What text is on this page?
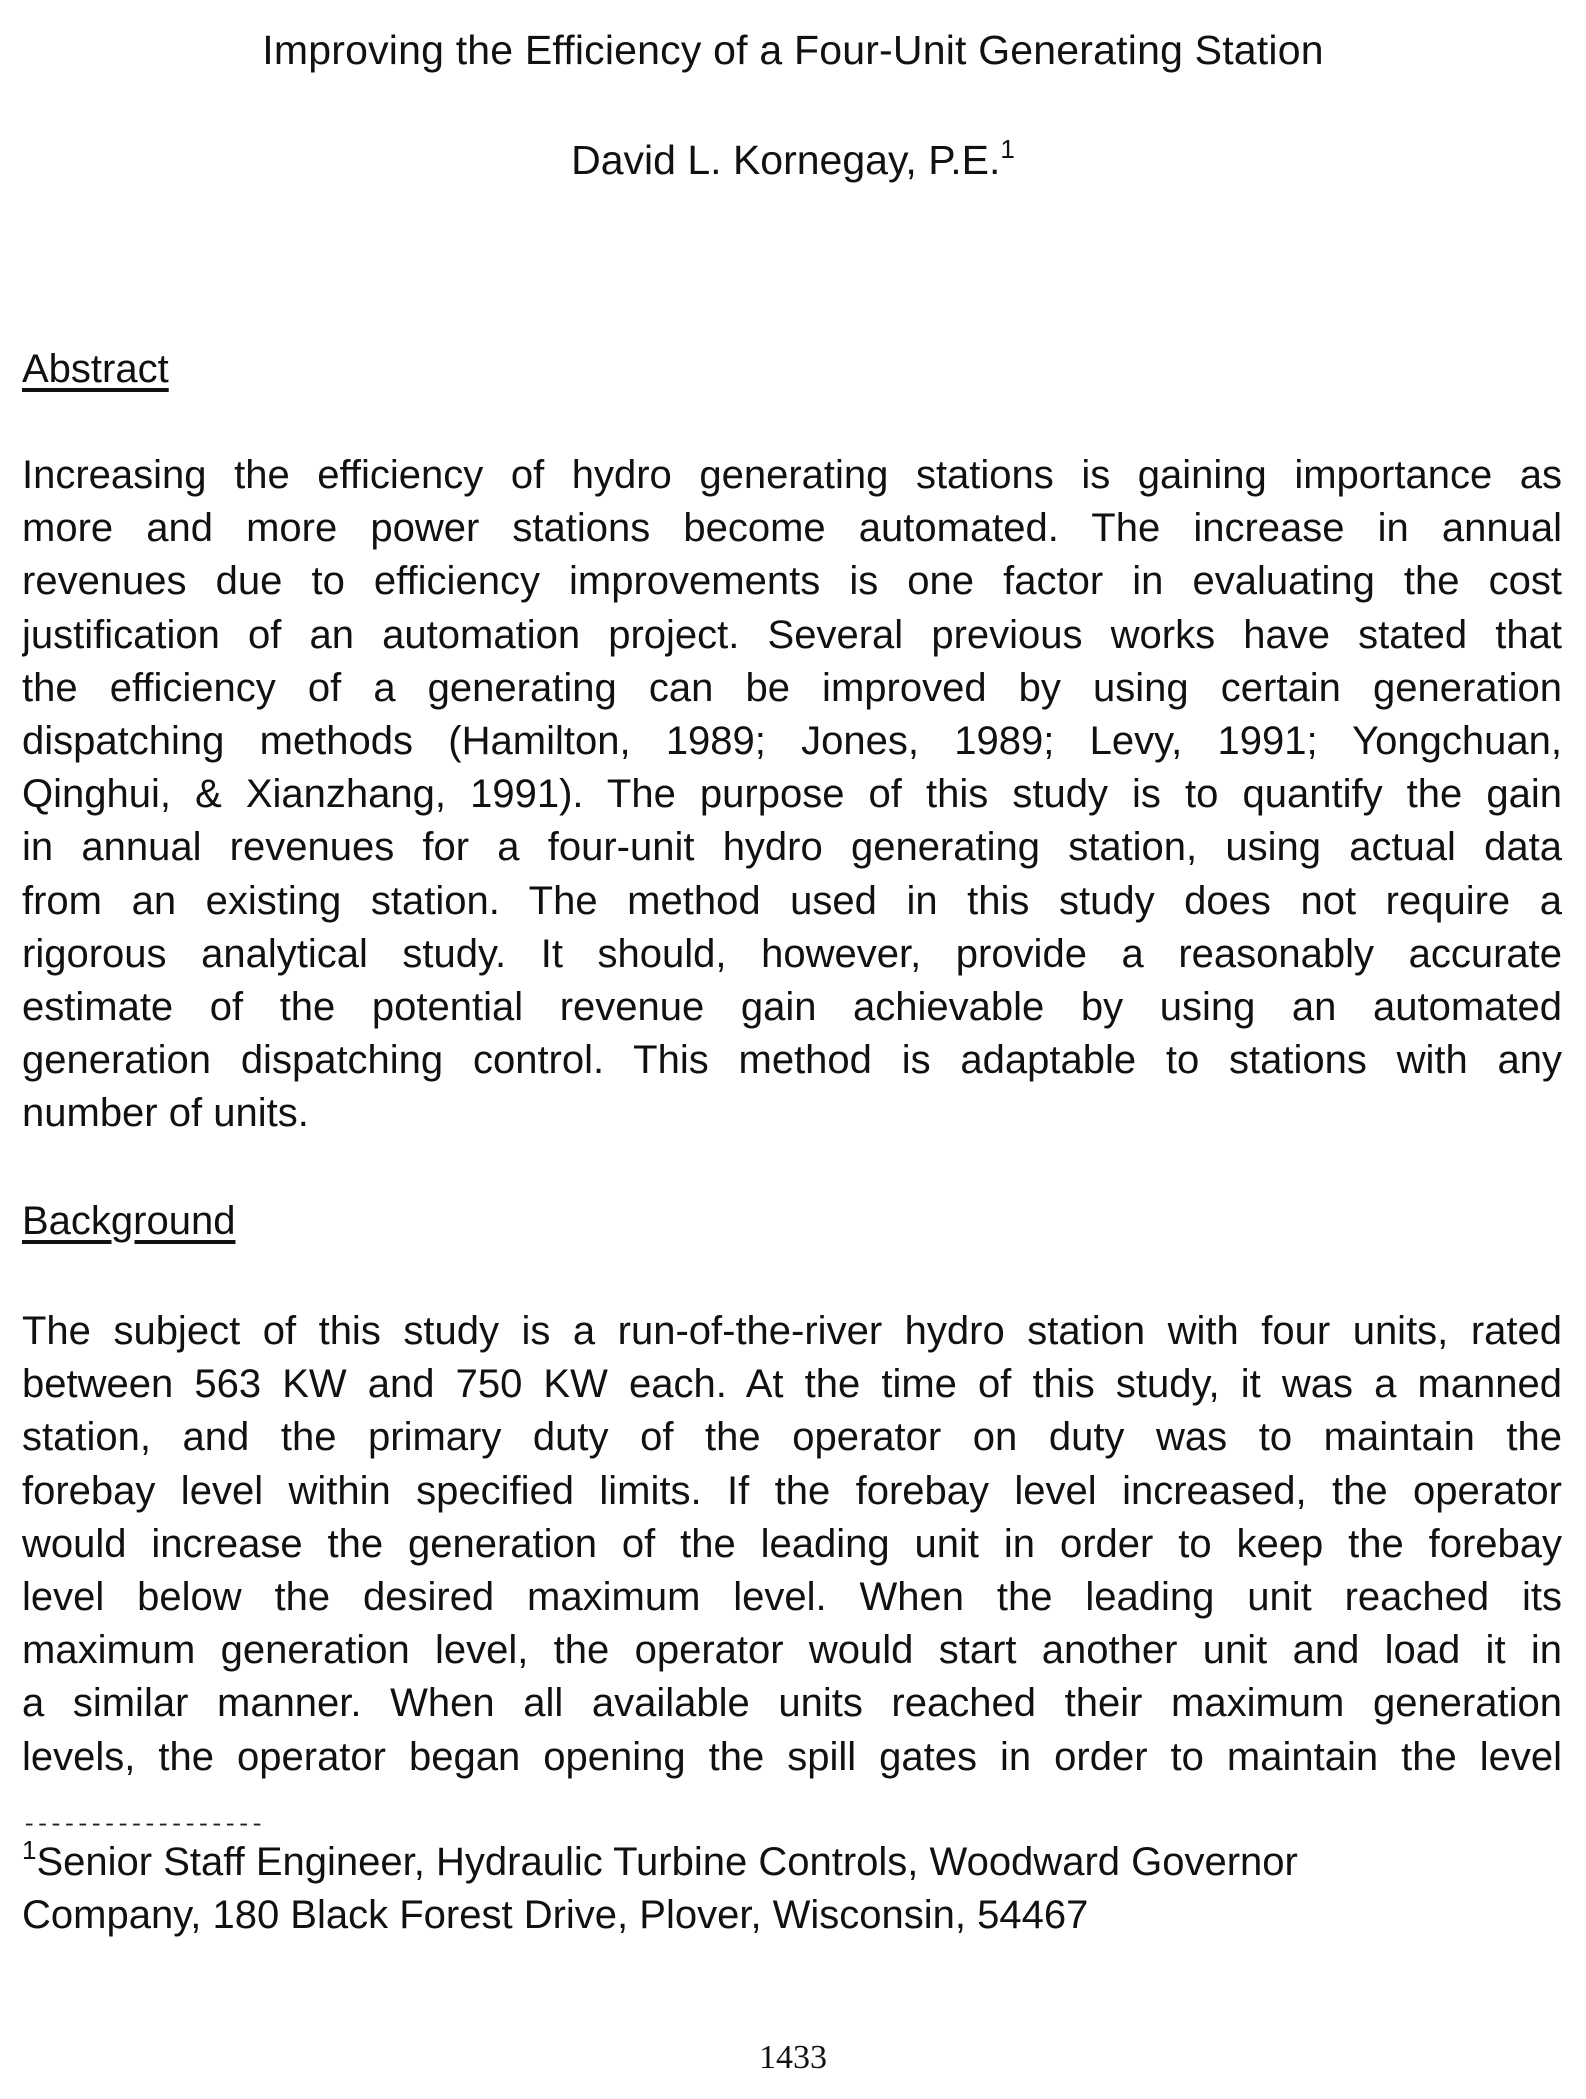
Improving the Efficiency of a Four-Unit Generating Station
David L. Kornegay, P.E.$^1$
Abstract
Increasing the efficiency of hydro generating stations is gaining importance as
more and more power stations become automated. The increase in annual
revenues due to efficiency improvements is one factor in evaluating the cost
justification of an automation project. Several previous works have stated that
the efficiency of a generating can be improved by using certain generation
dispatching methods (Hamilton, 1989; Jones, 1989; Levy, 1991; Yongchuan,
Qinghui, & Xianzhang, 1991). The purpose of this study is to quantify the gain
in annual revenues for a four-unit hydro generating station, using actual data
from an existing station. The method used in this study does not require a
rigorous analytical study. It should, however, provide a reasonably accurate
estimate of the potential revenue gain achievable by using an automated
generation dispatching control. This method is adaptable to stations with any
number of units.
Background
The subject of this study is a run-of-the-river hydro station with four units, rated
between 563 KW and 750 KW each. At the time of this study, it was a manned
station, and the primary duty of the operator on duty was to maintain the
forebay level within specified limits. If the forebay level increased, the operator
would increase the generation of the leading unit in order to keep the forebay
level below the desired maximum level. When the leading unit reached its
maximum generation level, the operator would start another unit and load it in
a similar manner. When all available units reached their maximum generation
levels, the operator began opening the spill gates in order to maintain the level
------------------
$^1$Senior Staff Engineer, Hydraulic Turbine Controls, Woodward Governor
Company, 180 Black Forest Drive, Plover, Wisconsin, 54467
1433
